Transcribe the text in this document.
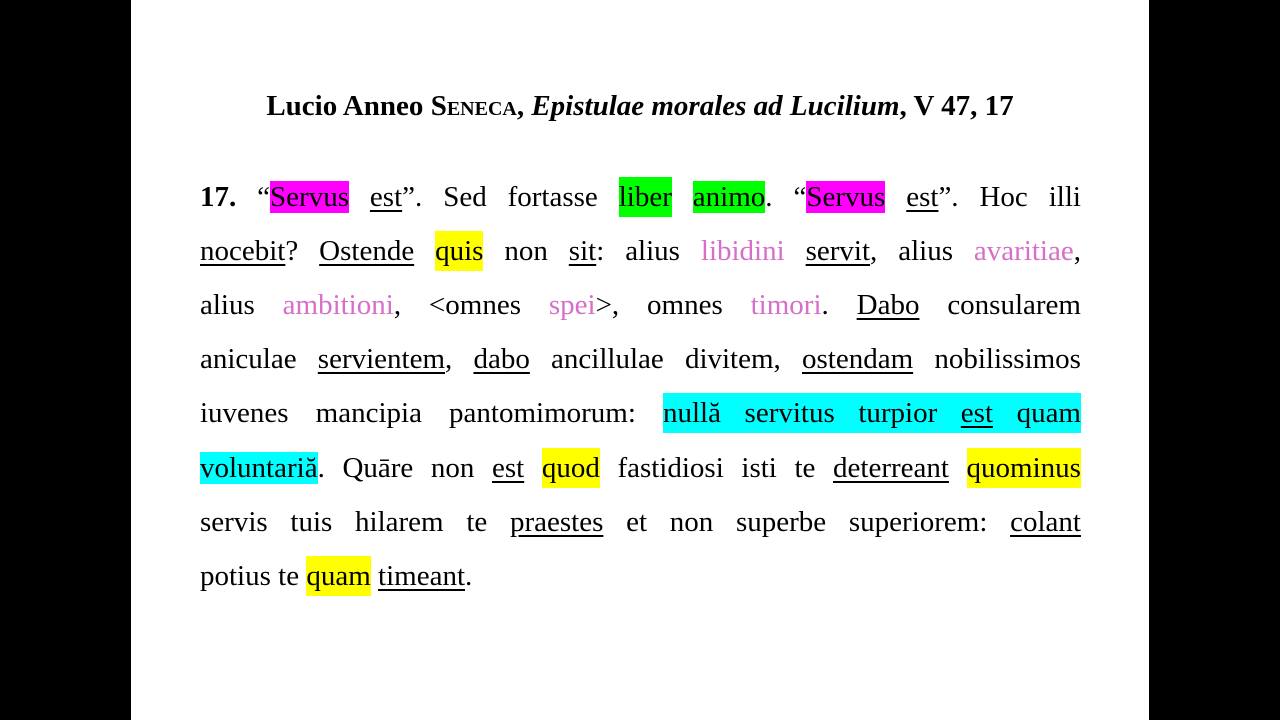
Lucio Anneo Seneca, Epistulae morales ad Lucilium, V 47, 17
17. “Servus est”. Sed fortasse liber animo. “Servus est”. Hoc illi
nocebit? Ostende quis non sit: alius libidini servit, alius avaritiae,
alius ambitioni, <omnes spei>, omnes timori. Dabo consularem
aniculae servientem, dabo ancillulae divitem, ostendam nobilissimos
iuvenes mancipia pantomimorum: nullă servitus turpior est quam
voluntariă. Quāre non est quod fastidiosi isti te deterreant quominus
servis tuis hilarem te praestes et non superbe superiorem: colant
potius
te
quam
timeant.
